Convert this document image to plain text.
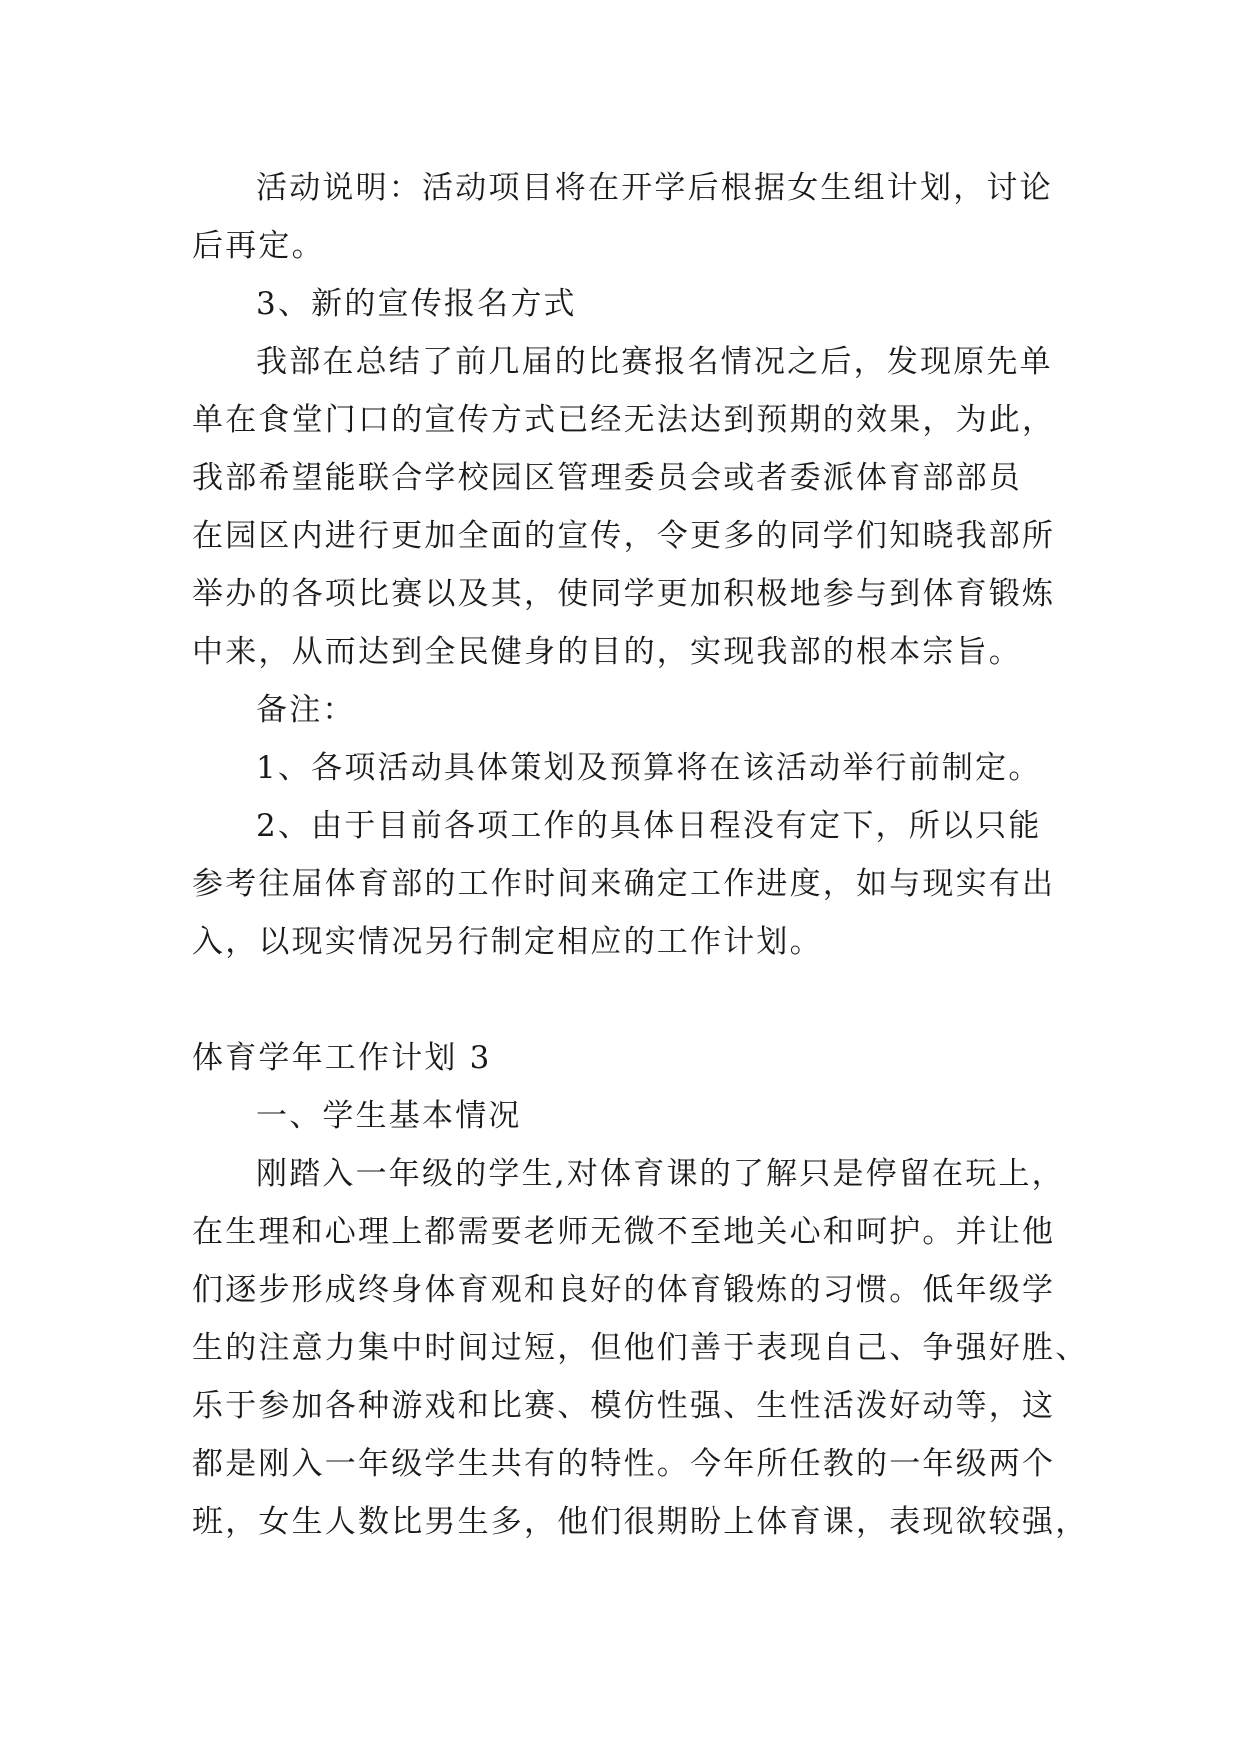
活动说明：活动项目将在开学后根据女生组计划，讨论
后再定。
3、新的宣传报名方式
我部在总结了前几届的比赛报名情况之后，发现原先单
单在食堂门口的宣传方式已经无法达到预期的效果，为此，
我部希望能联合学校园区管理委员会或者委派体育部部员
在园区内进行更加全面的宣传，令更多的同学们知晓我部所
举办的各项比赛以及其，使同学更加积极地参与到体育锻炼
中来，从而达到全民健身的目的，实现我部的根本宗旨。
备注：
1、各项活动具体策划及预算将在该活动举行前制定。
2、由于目前各项工作的具体日程没有定下，所以只能
参考往届体育部的工作时间来确定工作进度，如与现实有出
入，以现实情况另行制定相应的工作计划。
体育学年工作计划 3
一、学生基本情况
刚踏入一年级的学生,对体育课的了解只是停留在玩上，
在生理和心理上都需要老师无微不至地关心和呵护。并让他
们逐步形成终身体育观和良好的体育锻炼的习惯。低年级学
生的注意力集中时间过短，但他们善于表现自己、争强好胜、
乐于参加各种游戏和比赛、模仿性强、生性活泼好动等，这
都是刚入一年级学生共有的特性。今年所任教的一年级两个
班，女生人数比男生多，他们很期盼上体育课，表现欲较强，
